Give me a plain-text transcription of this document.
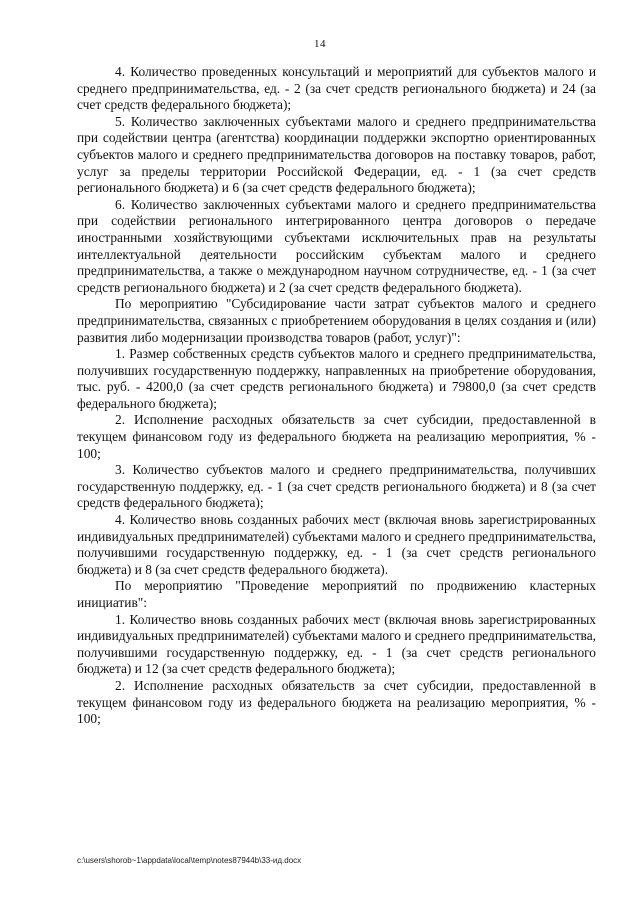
14

4. Количество проведенных консультаций и мероприятий для субъектов малого и среднего предпринимательства, ед. - 2 (за счет средств регионального бюджета) и 24 (за счет средств федерального бюджета);

5. Количество заключенных субъектами малого и среднего предпринимательства при содействии центра (агентства) координации поддержки экспортно ориентированных субъектов малого и среднего предпринимательства договоров на поставку товаров, работ, услуг за пределы территории Российской Федерации, ед. - 1 (за счет средств регионального бюджета) и 6 (за счет средств федерального бюджета);

6. Количество заключенных субъектами малого и среднего предпринимательства при содействии регионального интегрированного центра договоров о передаче иностранными хозяйствующими субъектами исключительных прав на результаты интеллектуальной деятельности российским субъектам малого и среднего предпринимательства, а также о международном научном сотрудничестве, ед. - 1 (за счет средств регионального бюджета) и 2 (за счет средств федерального бюджета).

По мероприятию "Субсидирование части затрат субъектов малого и среднего предпринимательства, связанных с приобретением оборудования в целях создания и (или) развития либо модернизации производства товаров (работ, услуг)":

1. Размер собственных средств субъектов малого и среднего предпринимательства, получивших государственную поддержку, направленных на приобретение оборудования, тыс. руб. - 4200,0 (за счет средств регионального бюджета) и 79800,0 (за счет средств федерального бюджета);

2. Исполнение расходных обязательств за счет субсидии, предоставленной в текущем финансовом году из федерального бюджета на реализацию мероприятия, % - 100;

3. Количество субъектов малого и среднего предпринимательства, получивших государственную поддержку, ед. - 1 (за счет средств регионального бюджета) и 8 (за счет средств федерального бюджета);

4. Количество вновь созданных рабочих мест (включая вновь зарегистрированных индивидуальных предпринимателей) субъектами малого и среднего предпринимательства, получившими государственную поддержку, ед. - 1 (за счет средств регионального бюджета) и 8 (за счет средств федерального бюджета).

По мероприятию "Проведение мероприятий по продвижению кластерных инициатив":

1. Количество вновь созданных рабочих мест (включая вновь зарегистрированных индивидуальных предпринимателей) субъектами малого и среднего предпринимательства, получившими государственную поддержку, ед. - 1 (за счет средств регионального бюджета) и 12 (за счет средств федерального бюджета);

2. Исполнение расходных обязательств за счет субсидии, предоставленной в текущем финансовом году из федерального бюджета на реализацию мероприятия, % - 100;

c:\users\shorob~1\appdata\local\temp\notes87944b\33-ид.docx
